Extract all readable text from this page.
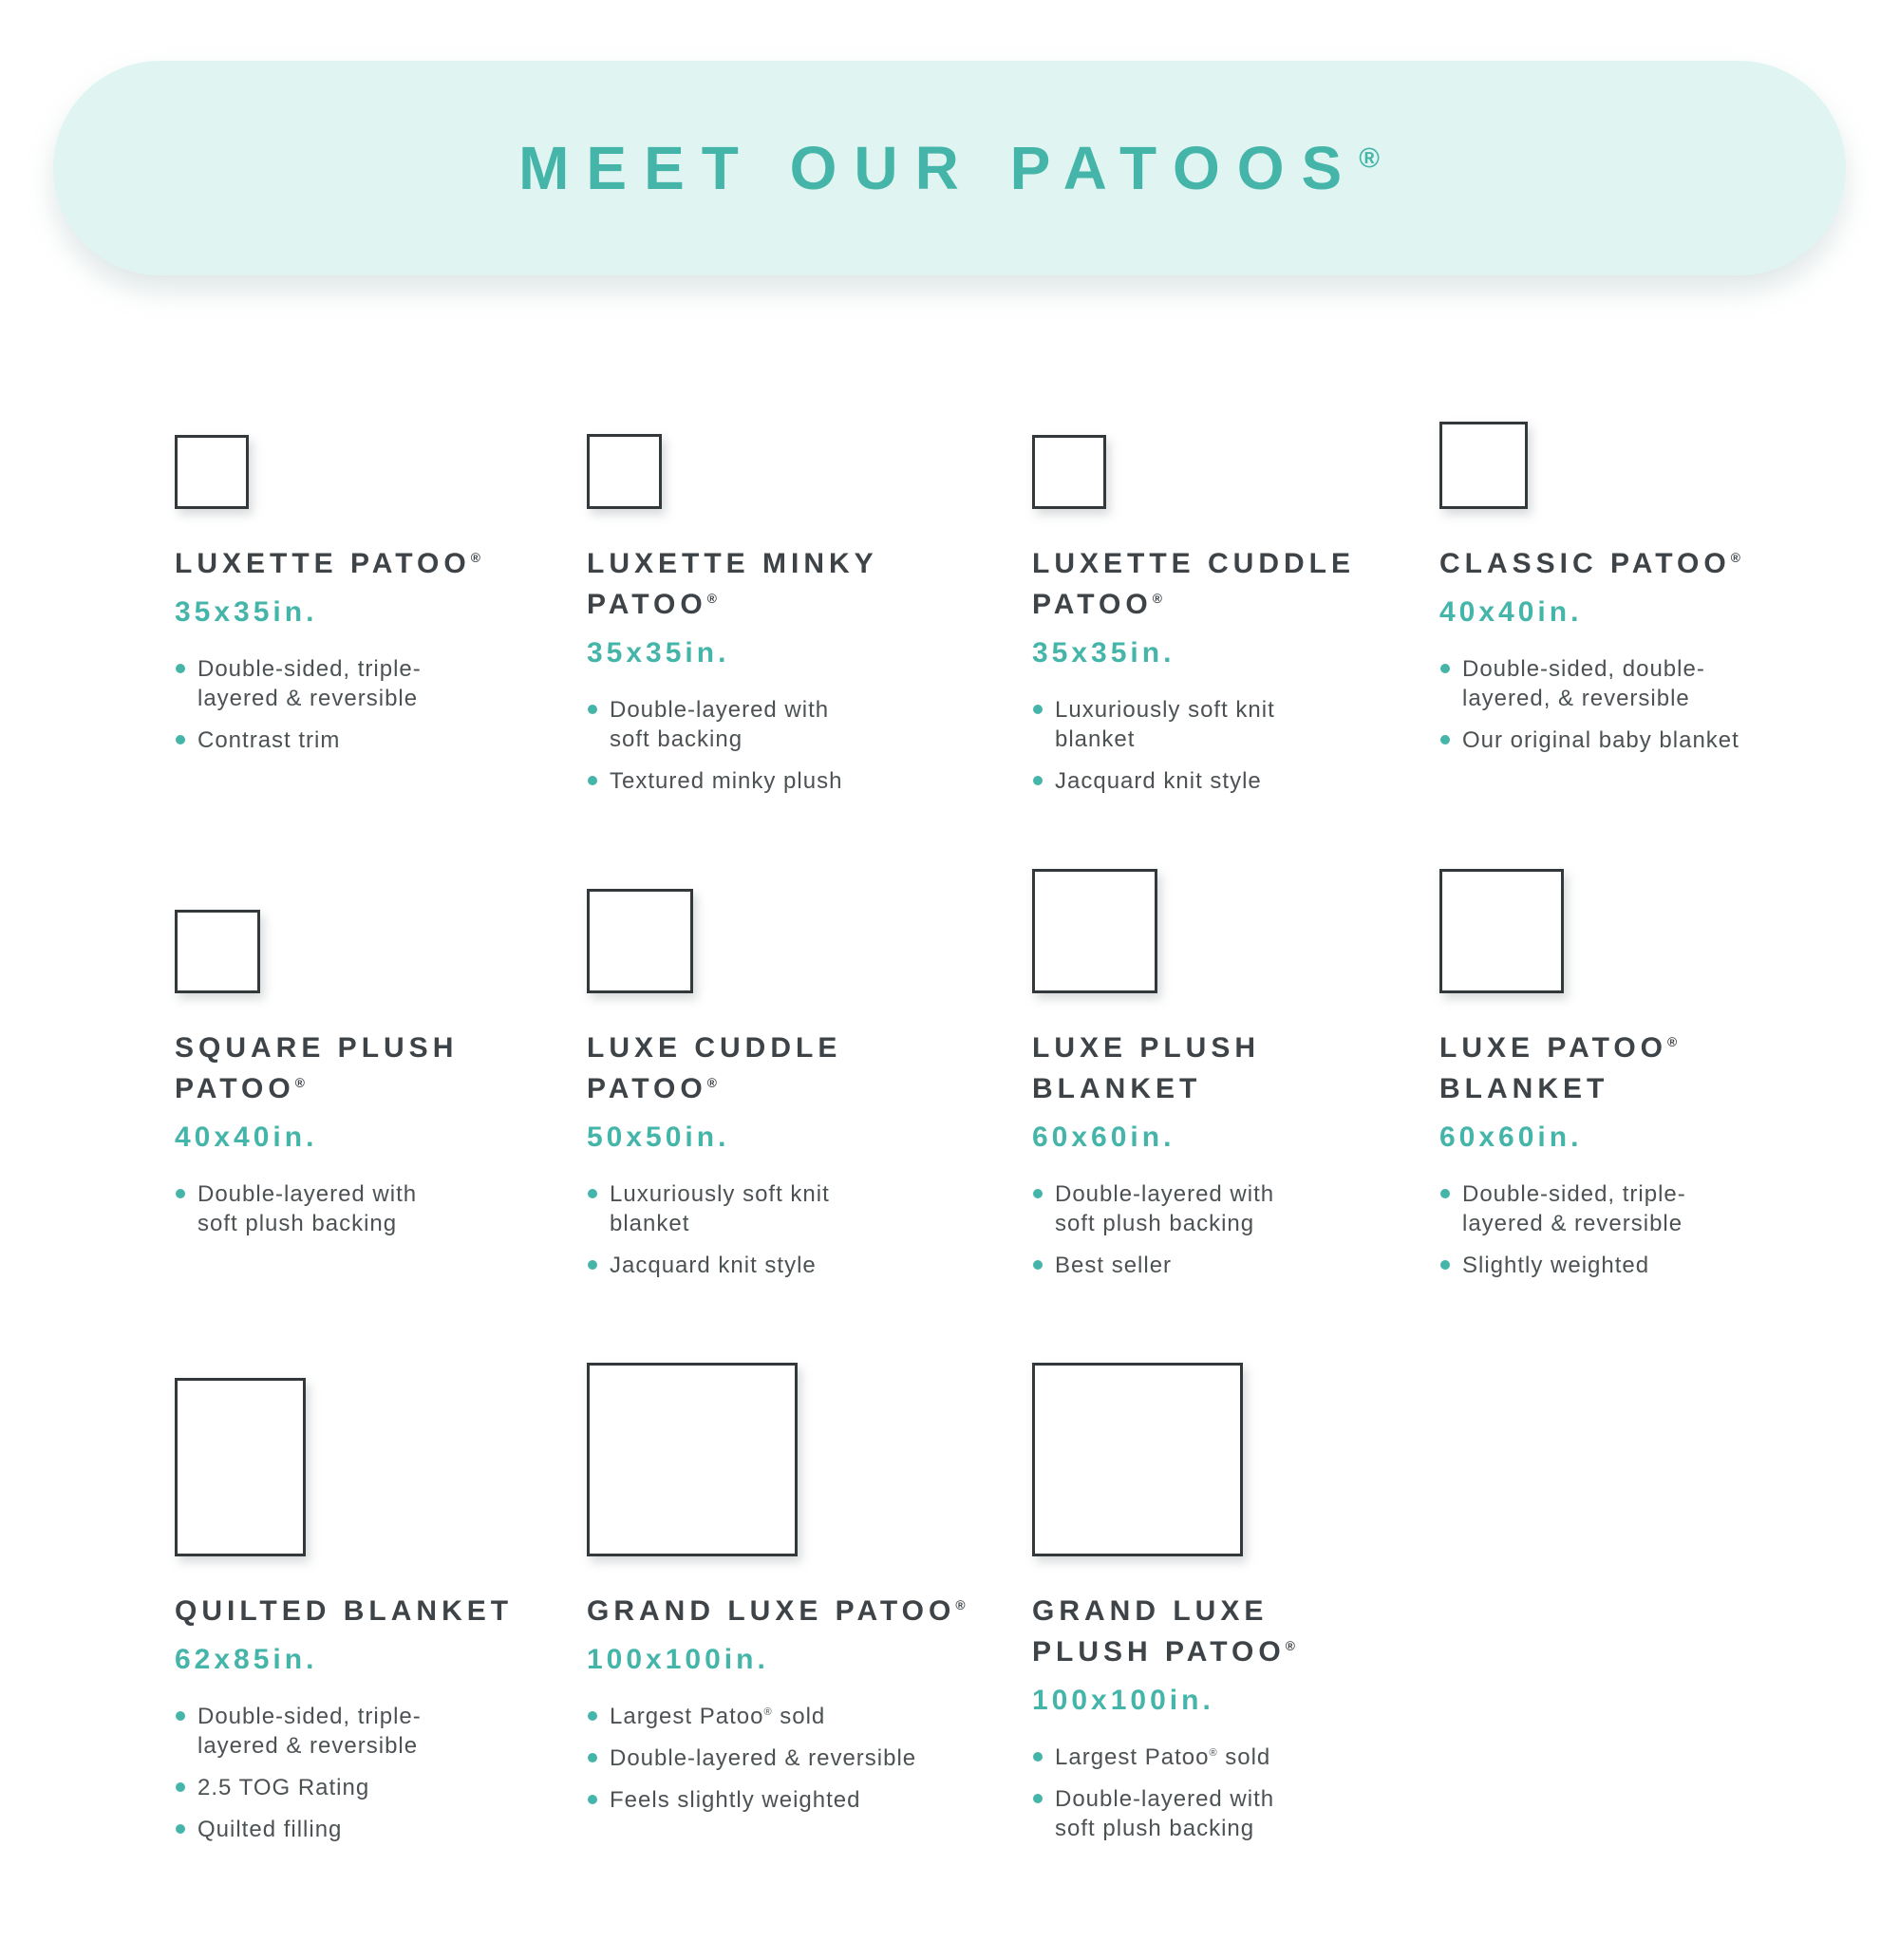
MEET OUR PATOOS®
LUXETTE PATOO®
35x35in.
Double-sided, triple-layered & reversible
Contrast trim
LUXETTE MINKY
PATOO®
35x35in.
Double-layered with soft backing
Textured minky plush
LUXETTE CUDDLE
PATOO®
35x35in.
Luxuriously soft knit blanket
Jacquard knit style
CLASSIC PATOO®
40x40in.
Double-sided, double-layered, & reversible
Our original baby blanket
SQUARE PLUSH
PATOO®
40x40in.
Double-layered with soft plush backing
LUXE CUDDLE
PATOO®
50x50in.
Luxuriously soft knit blanket
Jacquard knit style
LUXE PLUSH
BLANKET
60x60in.
Double-layered with soft plush backing
Best seller
LUXE PATOO®
BLANKET
60x60in.
Double-sided, triple-layered & reversible
Slightly weighted
QUILTED BLANKET
62x85in.
Double-sided, triple-layered & reversible
2.5 TOG Rating
Quilted filling
GRAND LUXE PATOO®
100x100in.
Largest Patoo® sold
Double-layered & reversible
Feels slightly weighted
GRAND LUXE
PLUSH PATOO®
100x100in.
Largest Patoo® sold
Double-layered with soft plush backing
